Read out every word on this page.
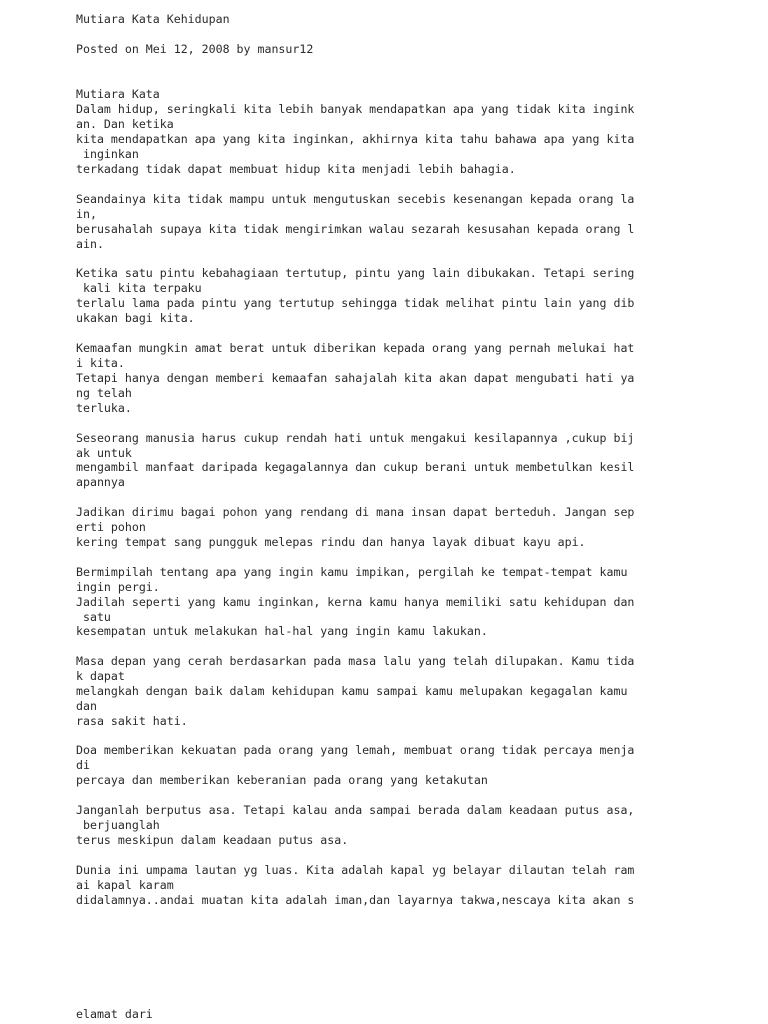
Mutiara Kata Kehidupan

Posted on Mei 12, 2008 by mansur12

Mutiara Kata

Dalam hidup, seringkali kita lebih banyak mendapatkan apa yang tidak kita ingink

an. Dan ketika

kita mendapatkan apa yang kita inginkan, akhirnya kita tahu bahawa apa yang kita

inginkan

terkadang tidak dapat membuat hidup kita menjadi lebih bahagia.

Seandainya kita tidak mampu untuk mengutuskan secebis kesenangan kepada orang la

in,

berusahalah supaya kita tidak mengirimkan walau sezarah kesusahan kepada orang l

ain.

Ketika satu pintu kebahagiaan tertutup, pintu yang lain dibukakan. Tetapi sering

kali kita terpaku

terlalu lama pada pintu yang tertutup sehingga tidak melihat pintu lain yang dib

ukakan bagi kita.

Kemaafan mungkin amat berat untuk diberikan kepada orang yang pernah melukai hat

i kita.

Tetapi hanya dengan memberi kemaafan sahajalah kita akan dapat mengubati hati ya

ng telah

terluka.

Seseorang manusia harus cukup rendah hati untuk mengakui kesilapannya ,cukup bij

ak untuk

mengambil manfaat daripada kegagalannya dan cukup berani untuk membetulkan kesil

apannya

Jadikan dirimu bagai pohon yang rendang di mana insan dapat berteduh. Jangan sep

erti pohon

kering tempat sang pungguk melepas rindu dan hanya layak dibuat kayu api.

Bermimpilah tentang apa yang ingin kamu impikan, pergilah ke tempat-tempat kamu

ingin pergi.

Jadilah seperti yang kamu inginkan, kerna kamu hanya memiliki satu kehidupan dan

satu

kesempatan untuk melakukan hal-hal yang ingin kamu lakukan.

Masa depan yang cerah berdasarkan pada masa lalu yang telah dilupakan. Kamu tida

k dapat

melangkah dengan baik dalam kehidupan kamu sampai kamu melupakan kegagalan kamu

dan

rasa sakit hati.

Doa memberikan kekuatan pada orang yang lemah, membuat orang tidak percaya menja

di

percaya dan memberikan keberanian pada orang yang ketakutan

Janganlah berputus asa. Tetapi kalau anda sampai berada dalam keadaan putus asa,

berjuanglah

terus meskipun dalam keadaan putus asa.

Dunia ini umpama lautan yg luas. Kita adalah kapal yg belayar dilautan telah ram

ai kapal karam

didalamnya..andai muatan kita adalah iman,dan layarnya takwa,nescaya kita akan s

elamat dari
